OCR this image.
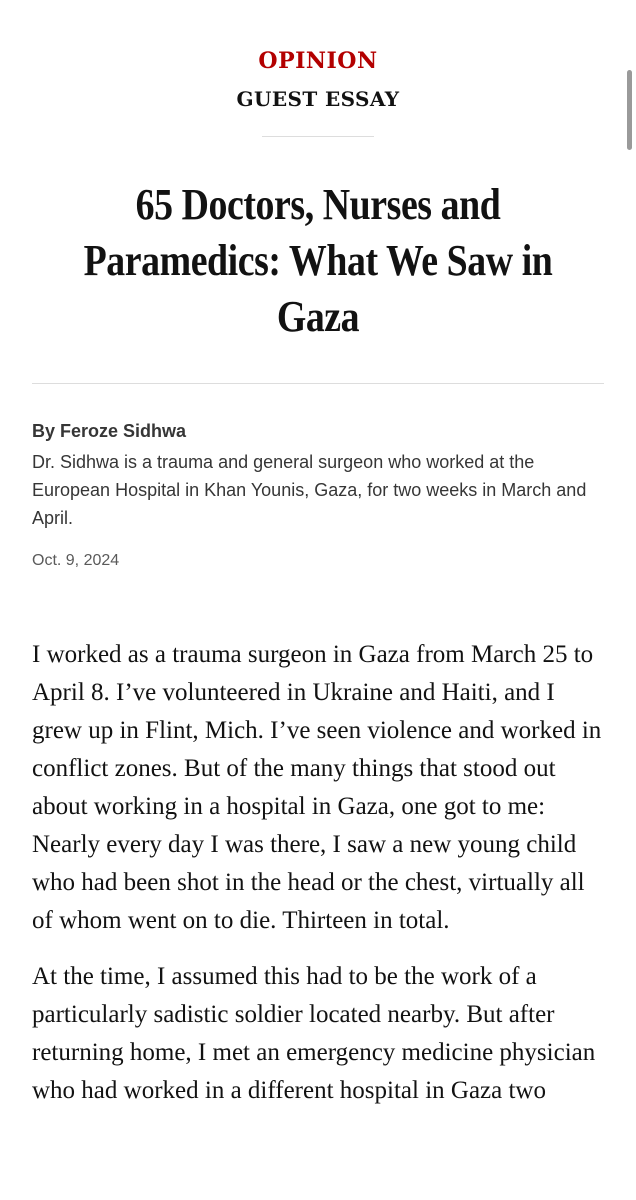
OPINION
GUEST ESSAY
65 Doctors, Nurses and
Paramedics: What We Saw in Gaza
By Feroze Sidhwa
Dr. Sidhwa is a trauma and general surgeon who worked at the European Hospital in Khan Younis, Gaza, for two weeks in March and April.
Oct. 9, 2024

I worked as a trauma surgeon in Gaza from March 25 to April 8. I’ve volunteered in Ukraine and Haiti, and I grew up in Flint, Mich. I’ve seen violence and worked in conflict zones. But of the many things that stood out about working in a hospital in Gaza, one got to me: Nearly every day I was there, I saw a new young child who had been shot in the head or the chest, virtually all of whom went on to die. Thirteen in total.

At the time, I assumed this had to be the work of a particularly sadistic soldier located nearby. But after returning home, I met an emergency medicine physician who had worked in a different hospital in Gaza two
